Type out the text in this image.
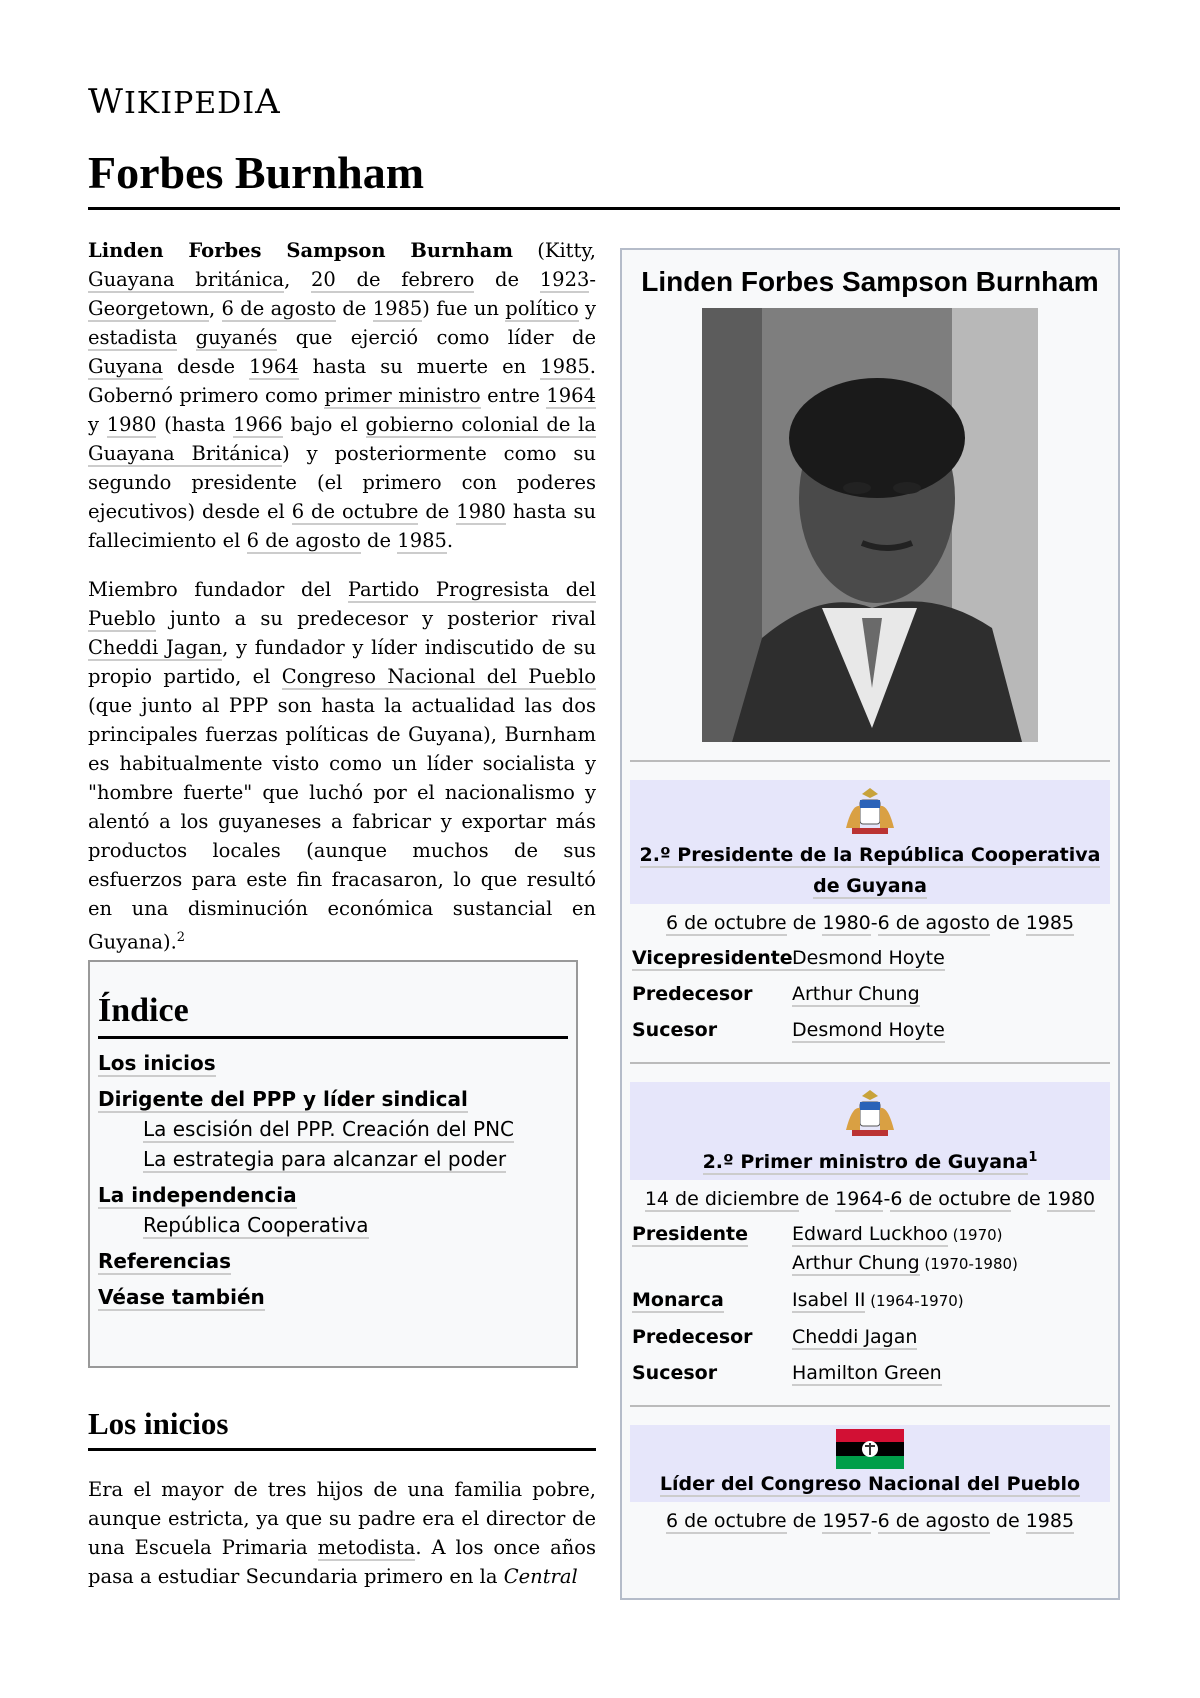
WIKIPEDIA
Forbes Burnham

Linden Forbes Sampson Burnham (Kitty, Guayana británica, 20 de febrero de 1923-Georgetown, 6 de agosto de 1985) fue un político y estadista guyanés que ejerció como líder de Guyana desde 1964 hasta su muerte en 1985. Gobernó primero como primer ministro entre 1964 y 1980 (hasta 1966 bajo el gobierno colonial de la Guayana Británica) y posteriormente como su segundo presidente (el primero con poderes ejecutivos) desde el 6 de octubre de 1980 hasta su fallecimiento el 6 de agosto de 1985.

Miembro fundador del Partido Progresista del Pueblo junto a su predecesor y posterior rival Cheddi Jagan, y fundador y líder indiscutido de su propio partido, el Congreso Nacional del Pueblo (que junto al PPP son hasta la actualidad las dos principales fuerzas políticas de Guyana), Burnham es habitualmente visto como un líder socialista y "hombre fuerte" que luchó por el nacionalismo y alentó a los guyaneses a fabricar y exportar más productos locales (aunque muchos de sus esfuerzos para este fin fracasaron, lo que resultó en una disminución económica sustancial en Guyana).$^2$

Índice
Los inicios
Dirigente del PPP y líder sindical
La escisión del PPP. Creación del PNC
La estrategia para alcanzar el poder
La independencia
República Cooperativa
Referencias
Véase también
Los inicios

Era el mayor de tres hijos de una familia pobre, aunque estricta, ya que su padre era el director de una Escuela Primaria metodista. A los once años pasa a estudiar Secundaria primero en la Central

Linden Forbes Sampson Burnham
2.º Presidente de la República Cooperativa de Guyana
6 de octubre de 1980-6 de agosto de 1985
Vicepresidente Desmond Hoyte
Predecesor	Arthur Chung
Sucesor	Desmond Hoyte
2.º Primer ministro de Guyana$^1$
14 de diciembre de 1964-6 de octubre de 1980
Presidente	Edward Luckhoo (1970)
Arthur Chung (1970-1980)
Monarca	Isabel II (1964-1970)
Predecesor	Cheddi Jagan
Sucesor	Hamilton Green
Líder del Congreso Nacional del Pueblo
6 de octubre de 1957-6 de agosto de 1985
